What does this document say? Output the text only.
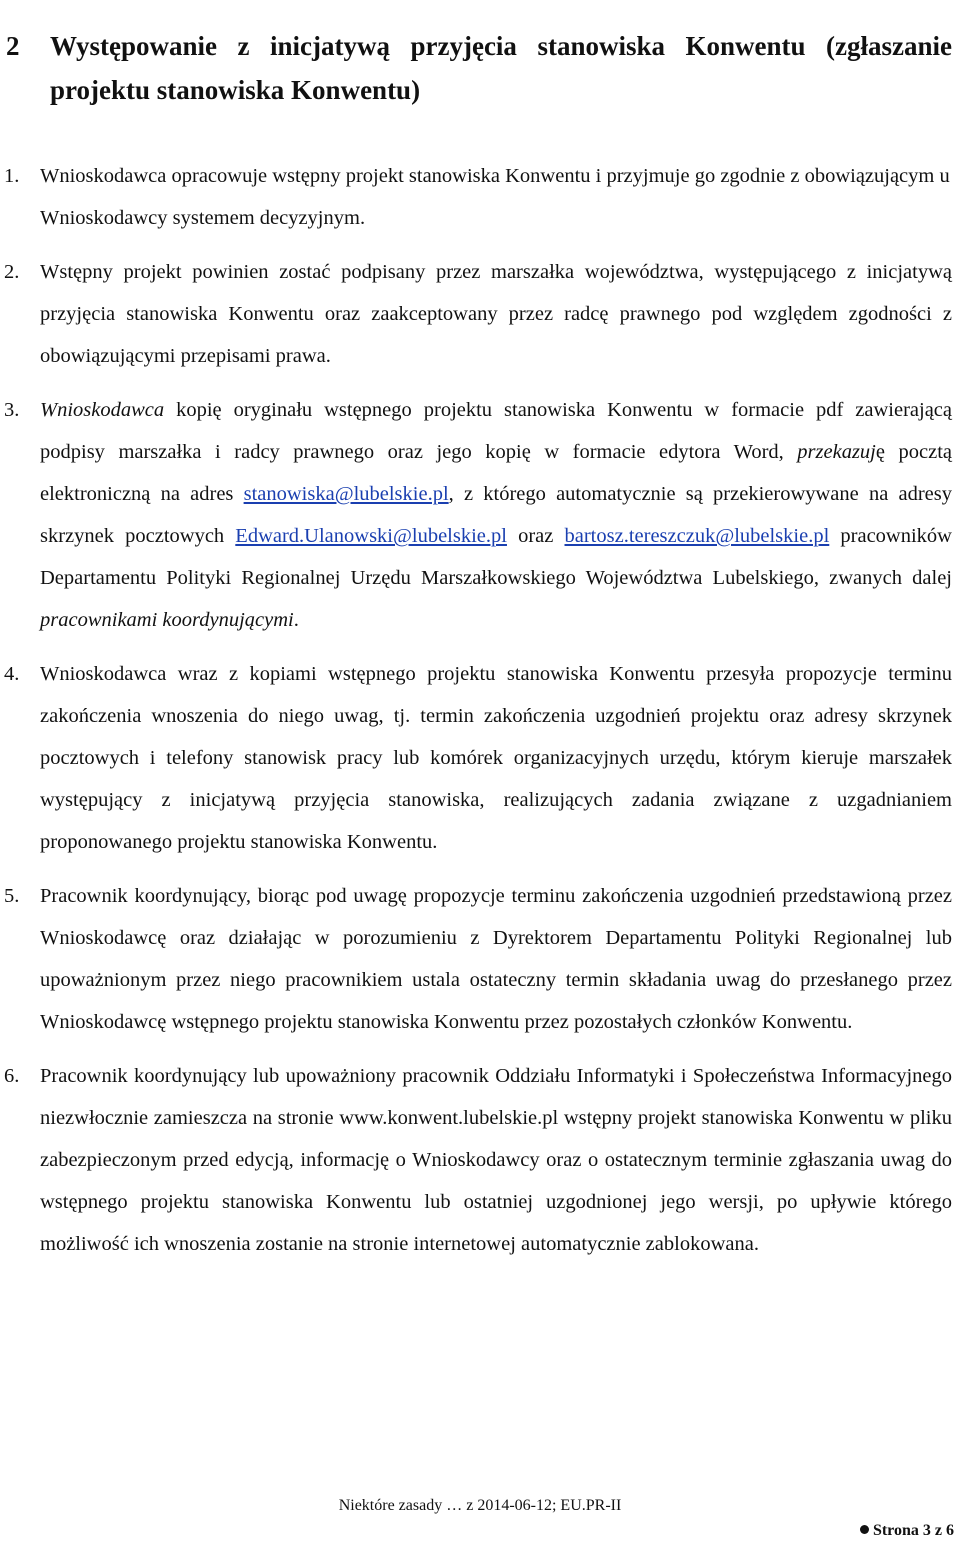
2	Występowanie z inicjatywą przyjęcia stanowiska Konwentu (zgłaszanie projektu stanowiska Konwentu)
1.	Wnioskodawca opracowuje wstępny projekt stanowiska Konwentu i przyjmuje go zgodnie z obowiązującym u Wnioskodawcy systemem decyzyjnym.
2.	Wstępny projekt powinien zostać podpisany przez marszałka województwa, występującego z inicjatywą przyjęcia stanowiska Konwentu oraz zaakceptowany przez radcę prawnego pod względem zgodności z obowiązującymi przepisami prawa.
3.	Wnioskodawca kopię oryginału wstępnego projektu stanowiska Konwentu w formacie pdf zawierającą podpisy marszałka i radcy prawnego oraz jego kopię w formacie edytora Word, przekazuję pocztą elektroniczną na adres stanowiska@lubelskie.pl, z którego automatycznie są przekierowywane na adresy skrzynek pocztowych Edward.Ulanowski@lubelskie.pl oraz bartosz.tereszczuk@lubelskie.pl pracowników Departamentu Polityki Regionalnej Urzędu Marszałkowskiego Województwa Lubelskiego, zwanych dalej pracownikami koordynującymi.
4.	Wnioskodawca wraz z kopiami wstępnego projektu stanowiska Konwentu przesyła propozycje terminu zakończenia wnoszenia do niego uwag, tj. termin zakończenia uzgodnień projektu oraz adresy skrzynek pocztowych i telefony stanowisk pracy lub komórek organizacyjnych urzędu, którym kieruje marszałek występujący z inicjatywą przyjęcia stanowiska, realizujących zadania związane z uzgadnianiem proponowanego projektu stanowiska Konwentu.
5.	Pracownik koordynujący, biorąc pod uwagę propozycje terminu zakończenia uzgodnień przedstawioną przez Wnioskodawcę oraz działając w porozumieniu z Dyrektorem Departamentu Polityki Regionalnej lub upoważnionym przez niego pracownikiem ustala ostateczny termin składania uwag do przesłanego przez Wnioskodawcę wstępnego projektu stanowiska Konwentu przez pozostałych członków Konwentu.
6.	Pracownik koordynujący lub upoważniony pracownik Oddziału Informatyki i Społeczeństwa Informacyjnego niezwłocznie zamieszcza na stronie www.konwent.lubelskie.pl wstępny projekt stanowiska Konwentu w pliku zabezpieczonym przed edycją, informację o Wnioskodawcy oraz o ostatecznym terminie zgłaszania uwag do wstępnego projektu stanowiska Konwentu lub ostatniej uzgodnionej jego wersji, po upływie którego możliwość ich wnoszenia zostanie na stronie internetowej automatycznie zablokowana.
Niektóre zasady … z 2014-06-12; EU.PR-II
Strona 3 z 6
